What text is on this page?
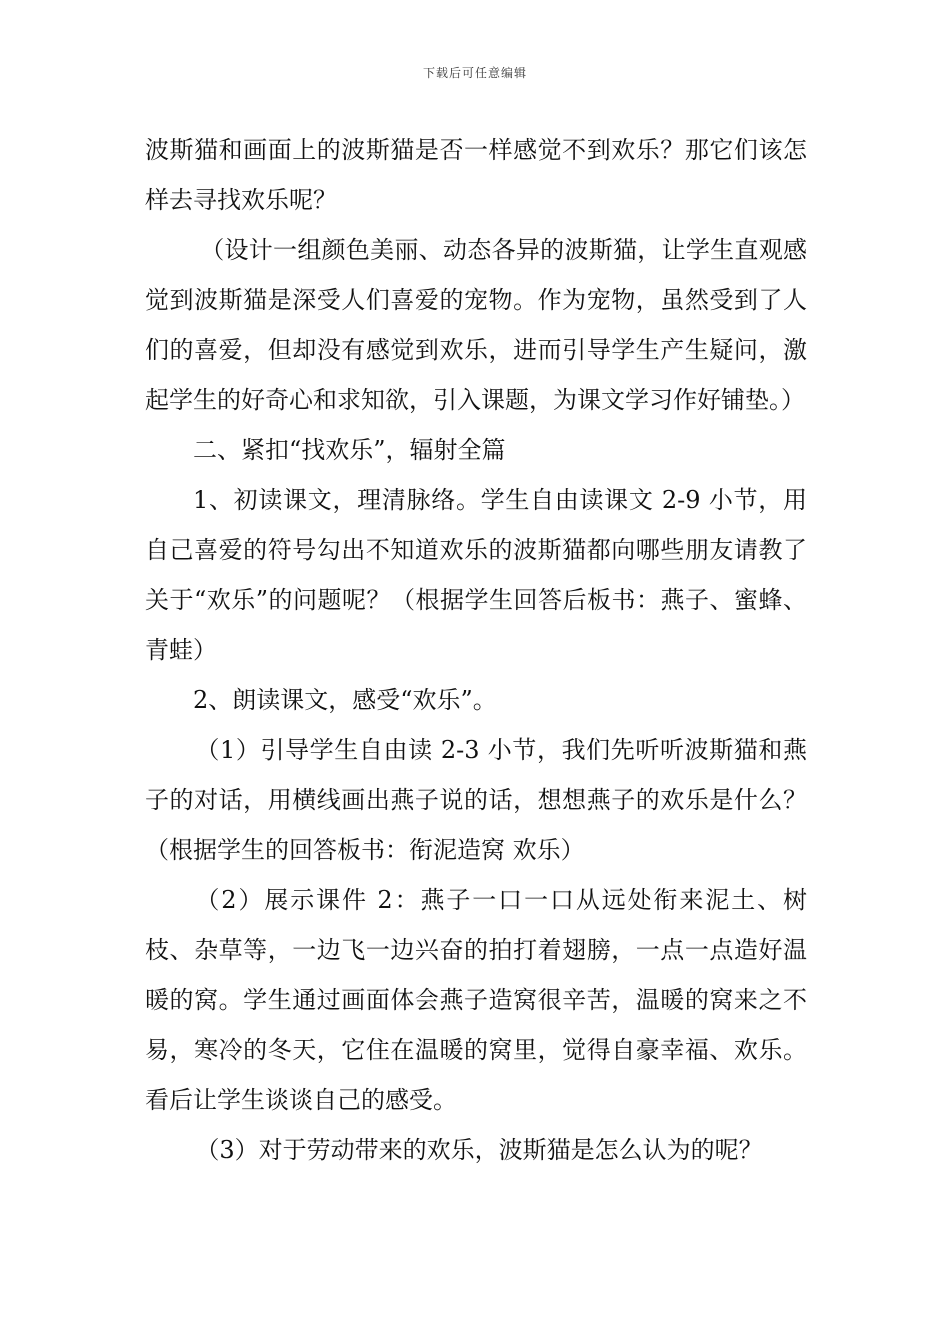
下载后可任意编辑

波斯猫和画面上的波斯猫是否一样感觉不到欢乐？那它们该怎样去寻找欢乐呢？

（设计一组颜色美丽、动态各异的波斯猫，让学生直观感觉到波斯猫是深受人们喜爱的宠物。作为宠物，虽然受到了人们的喜爱，但却没有感觉到欢乐，进而引导学生产生疑问，激起学生的好奇心和求知欲，引入课题，为课文学习作好铺垫。）

二、紧扣“找欢乐”，辐射全篇

1、初读课文，理清脉络。学生自由读课文 2-9 小节，用自己喜爱的符号勾出不知道欢乐的波斯猫都向哪些朋友请教了关于“欢乐”的问题呢？（根据学生回答后板书：燕子、蜜蜂、青蛙）

2、朗读课文，感受“欢乐”。

（1）引导学生自由读 2-3 小节，我们先听听波斯猫和燕子的对话，用横线画出燕子说的话，想想燕子的欢乐是什么？（根据学生的回答板书：衔泥造窝 欢乐）

（2）展示课件 2：燕子一口一口从远处衔来泥土、树枝、杂草等，一边飞一边兴奋的拍打着翅膀，一点一点造好温暖的窝。学生通过画面体会燕子造窝很辛苦，温暖的窝来之不易，寒冷的冬天，它住在温暖的窝里，觉得自豪幸福、欢乐。看后让学生谈谈自己的感受。

（3）对于劳动带来的欢乐，波斯猫是怎么认为的呢？
